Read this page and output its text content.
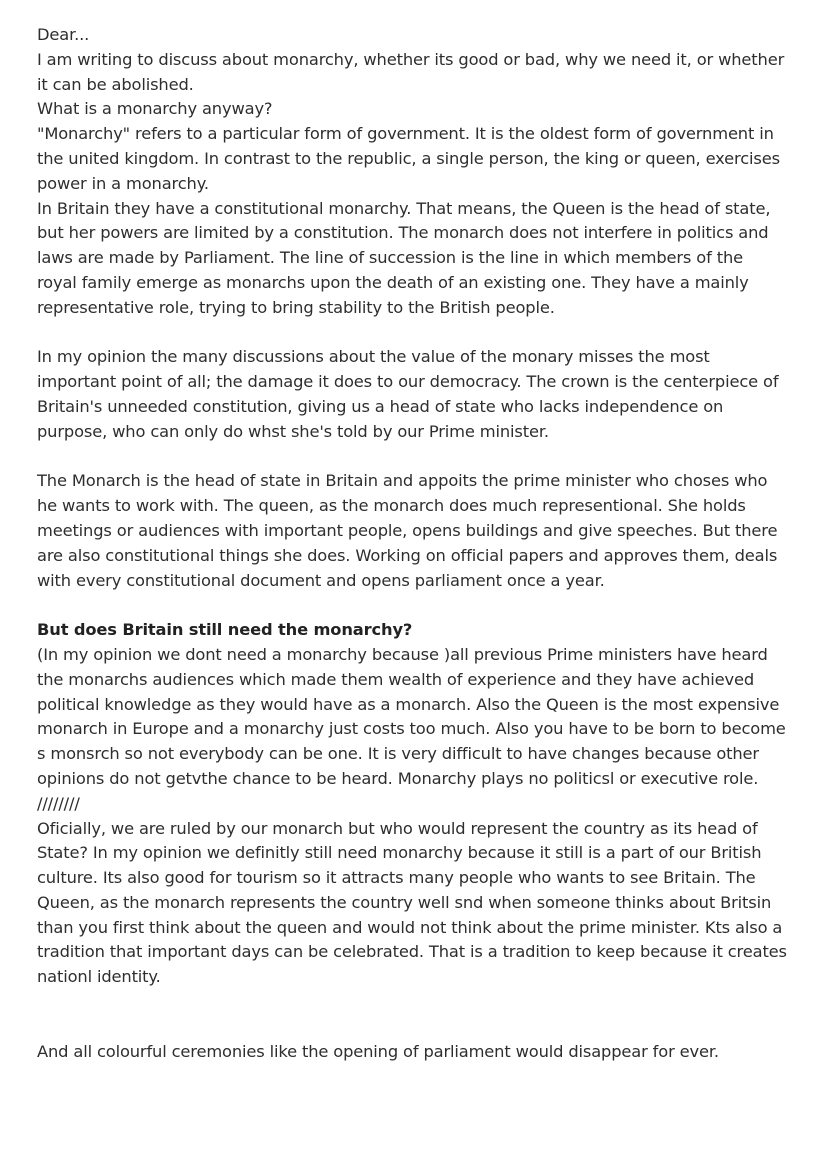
Dear...
I am writing to discuss about monarchy, whether its good or bad, why we need it, or whether
it can be abolished.
What is a monarchy anyway?
"Monarchy" refers to a particular form of government. It is the oldest form of government in
the united kingdom. In contrast to the republic, a single person, the king or queen, exercises
power in a monarchy.
In Britain they have a constitutional monarchy. That means, the Queen is the head of state,
but her powers are limited by a constitution. The monarch does not interfere in politics and
laws are made by Parliament. The line of succession is the line in which members of the
royal family emerge as monarchs upon the death of an existing one. They have a mainly
representative role, trying to bring stability to the British people.
In my opinion the many discussions about the value of the monary misses the most
important point of all; the damage it does to our democracy. The crown is the centerpiece of
Britain's unneeded constitution, giving us a head of state who lacks independence on
purpose, who can only do whst she's told by our Prime minister.
The Monarch is the head of state in Britain and appoits the prime minister who choses who
he wants to work with. The queen, as the monarch does much representional. She holds
meetings or audiences with important people, opens buildings and give speeches. But there
are also constitutional things she does. Working on official papers and approves them, deals
with every constitutional document and opens parliament once a year.
But does Britain still need the monarchy?
(In my opinion we dont need a monarchy because )all previous Prime ministers have heard
the monarchs audiences which made them wealth of experience and they have achieved
political knowledge as they would have as a monarch. Also the Queen is the most expensive
monarch in Europe and a monarchy just costs too much. Also you have to be born to become
s monsrch so not everybody can be one. It is very difficult to have changes because other
opinions do not getvthe chance to be heard. Monarchy plays no politicsl or executive role.
////////
Oficially, we are ruled by our monarch but who would represent the country as its head of
State? In my opinion we definitly still need monarchy because it still is a part of our British
culture. Its also good for tourism so it attracts many people who wants to see Britain. The
Queen, as the monarch represents the country well snd when someone thinks about Britsin
than you first think about the queen and would not think about the prime minister. Kts also a
tradition that important days can be celebrated. That is a tradition to keep because it creates
nationl identity.
And all colourful ceremonies like the opening of parliament would disappear for ever.
